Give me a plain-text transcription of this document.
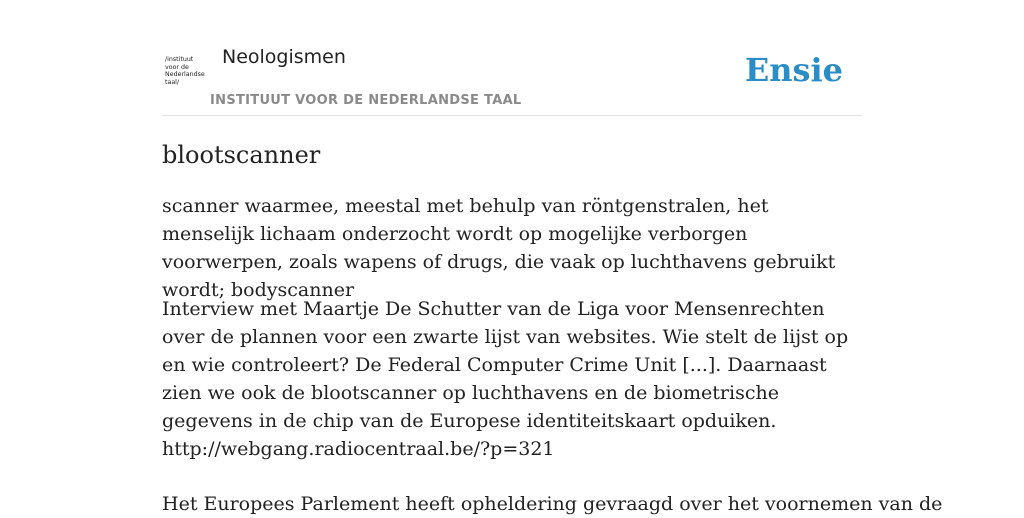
/instituut
voor de
Nederlandse
taal/
Neologismen
INSTITUUT VOOR DE NEDERLANDSE TAAL
Ensie
blootscanner

scanner waarmee, meestal met behulp van röntgenstralen, het menselijk lichaam onderzocht wordt op mogelijke verborgen voorwerpen, zoals wapens of drugs, die vaak op luchthavens gebruikt wordt; bodyscanner

Interview met Maartje De Schutter van de Liga voor Mensenrechten over de plannen voor een zwarte lijst van websites. Wie stelt de lijst op en wie controleert? De Federal Computer Crime Unit [...]. Daarnaast zien we ook de blootscanner op luchthavens en de biometrische gegevens in de chip van de Europese identiteitskaart opduiken.
http://webgang.radiocentraal.be/?p=321

Het Europees Parlement heeft opheldering gevraagd over het voornemen van de
